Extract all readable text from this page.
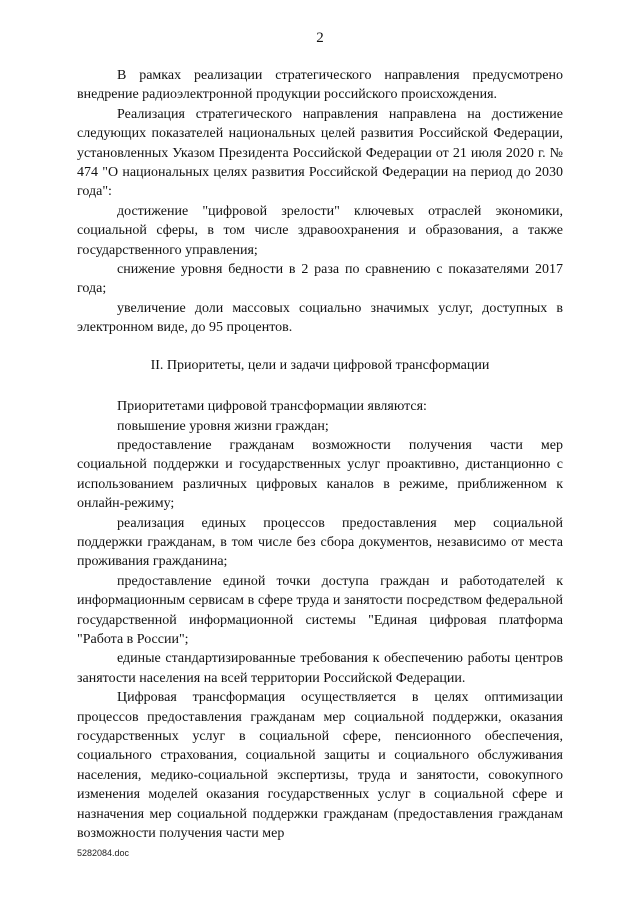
2

В рамках реализации стратегического направления предусмотрено внедрение радиоэлектронной продукции российского происхождения.

Реализация стратегического направления направлена на достижение следующих показателей национальных целей развития Российской Федерации, установленных Указом Президента Российской Федерации от 21 июля 2020 г. № 474 "О национальных целях развития Российской Федерации на период до 2030 года":

достижение "цифровой зрелости" ключевых отраслей экономики, социальной сферы, в том числе здравоохранения и образования, а также государственного управления;

снижение уровня бедности в 2 раза по сравнению с показателями 2017 года;

увеличение доли массовых социально значимых услуг, доступных в электронном виде, до 95 процентов.

II. Приоритеты, цели и задачи цифровой трансформации

Приоритетами цифровой трансформации являются:

повышение уровня жизни граждан;

предоставление гражданам возможности получения части мер социальной поддержки и государственных услуг проактивно, дистанционно с использованием различных цифровых каналов в режиме, приближенном к онлайн-режиму;

реализация единых процессов предоставления мер социальной поддержки гражданам, в том числе без сбора документов, независимо от места проживания гражданина;

предоставление единой точки доступа граждан и работодателей к информационным сервисам в сфере труда и занятости посредством федеральной государственной информационной системы "Единая цифровая платформа "Работа в России";

единые стандартизированные требования к обеспечению работы центров занятости населения на всей территории Российской Федерации.

Цифровая трансформация осуществляется в целях оптимизации процессов предоставления гражданам мер социальной поддержки, оказания государственных услуг в социальной сфере, пенсионного обеспечения, социального страхования, социальной защиты и социального обслуживания населения, медико-социальной экспертизы, труда и занятости, совокупного изменения моделей оказания государственных услуг в социальной сфере и назначения мер социальной поддержки гражданам (предоставления гражданам возможности получения части мер

5282084.doc
